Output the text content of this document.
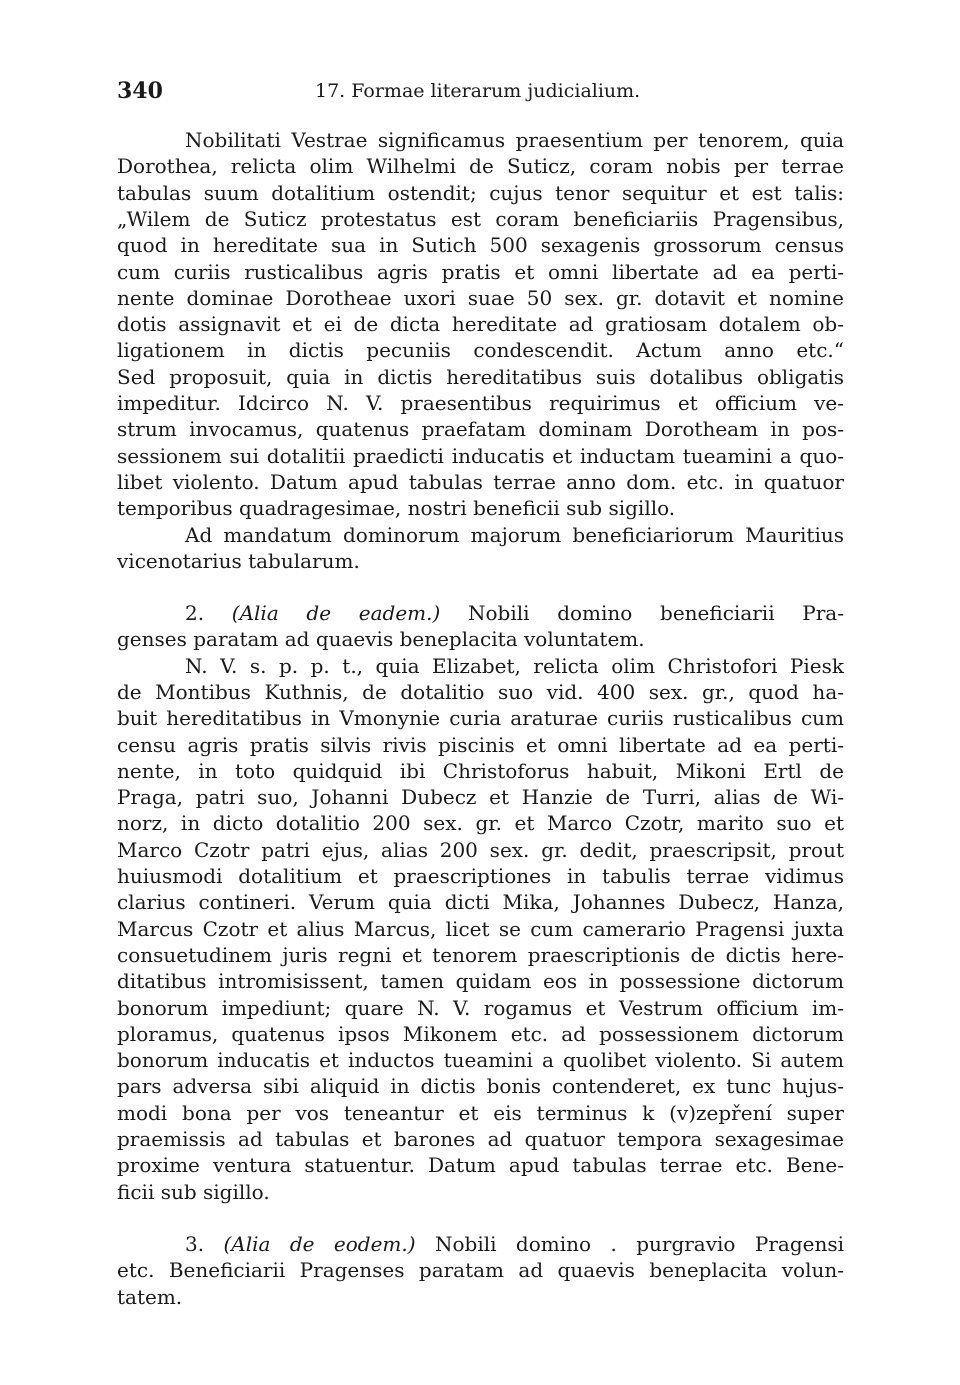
340	17. Formae literarum judicialium.
Nobilitati Vestrae significamus praesentium per tenorem, quia
Dorothea, relicta olim Wilhelmi de Suticz, coram nobis per terrae
tabulas suum dotalitium ostendit; cujus tenor sequitur et est talis:
„Wilem de Suticz protestatus est coram beneficiariis Pragensibus,
quod in hereditate sua in Sutich 500 sexagenis grossorum census
cum curiis rusticalibus agris pratis et omni libertate ad ea perti-
nente dominae Dorotheae uxori suae 50 sex. gr. dotavit et nomine
dotis assignavit et ei de dicta hereditate ad gratiosam dotalem ob-
ligationem in dictis pecuniis condescendit. Actum anno etc.“
Sed proposuit, quia in dictis hereditatibus suis dotalibus obligatis
impeditur. Idcirco N. V. praesentibus requirimus et officium ve-
strum invocamus, quatenus praefatam dominam Dorotheam in pos-
sessionem sui dotalitii praedicti inducatis et inductam tueamini a quo-
libet violento. Datum apud tabulas terrae anno dom. etc. in quatuor
temporibus quadragesimae, nostri beneficii sub sigillo.
Ad mandatum dominorum majorum beneficiariorum Mauritius
vicenotarius tabularum.
2. (Alia de eadem.) Nobili domino beneficiarii Pra-
genses paratam ad quaevis beneplacita voluntatem.
N. V. s. p. p. t., quia Elizabet, relicta olim Christofori Piesk
de Montibus Kuthnis, de dotalitio suo vid. 400 sex. gr., quod ha-
buit hereditatibus in Vmonynie curia araturae curiis rusticalibus cum
censu agris pratis silvis rivis piscinis et omni libertate ad ea perti-
nente, in toto quidquid ibi Christoforus habuit, Mikoni Ertl de
Praga, patri suo, Johanni Dubecz et Hanzie de Turri, alias de Wi-
norz, in dicto dotalitio 200 sex. gr. et Marco Czotr, marito suo et
Marco Czotr patri ejus, alias 200 sex. gr. dedit, praescripsit, prout
huiusmodi dotalitium et praescriptiones in tabulis terrae vidimus
clarius contineri. Verum quia dicti Mika, Johannes Dubecz, Hanza,
Marcus Czotr et alius Marcus, licet se cum camerario Pragensi juxta
consuetudinem juris regni et tenorem praescriptionis de dictis here-
ditatibus intromisissent, tamen quidam eos in possessione dictorum
bonorum impediunt; quare N. V. rogamus et Vestrum officium im-
ploramus, quatenus ipsos Mikonem etc. ad possessionem dictorum
bonorum inducatis et inductos tueamini a quolibet violento. Si autem
pars adversa sibi aliquid in dictis bonis contenderet, ex tunc hujus-
modi bona per vos teneantur et eis terminus k (v)zepření super
praemissis ad tabulas et barones ad quatuor tempora sexagesimae
proxime ventura statuentur. Datum apud tabulas terrae etc. Bene-
ficii sub sigillo.
3. (Alia de eodem.) Nobili domino . purgravio Pragensi
etc. Beneficiarii Pragenses paratam ad quaevis beneplacita volun-
tatem.
